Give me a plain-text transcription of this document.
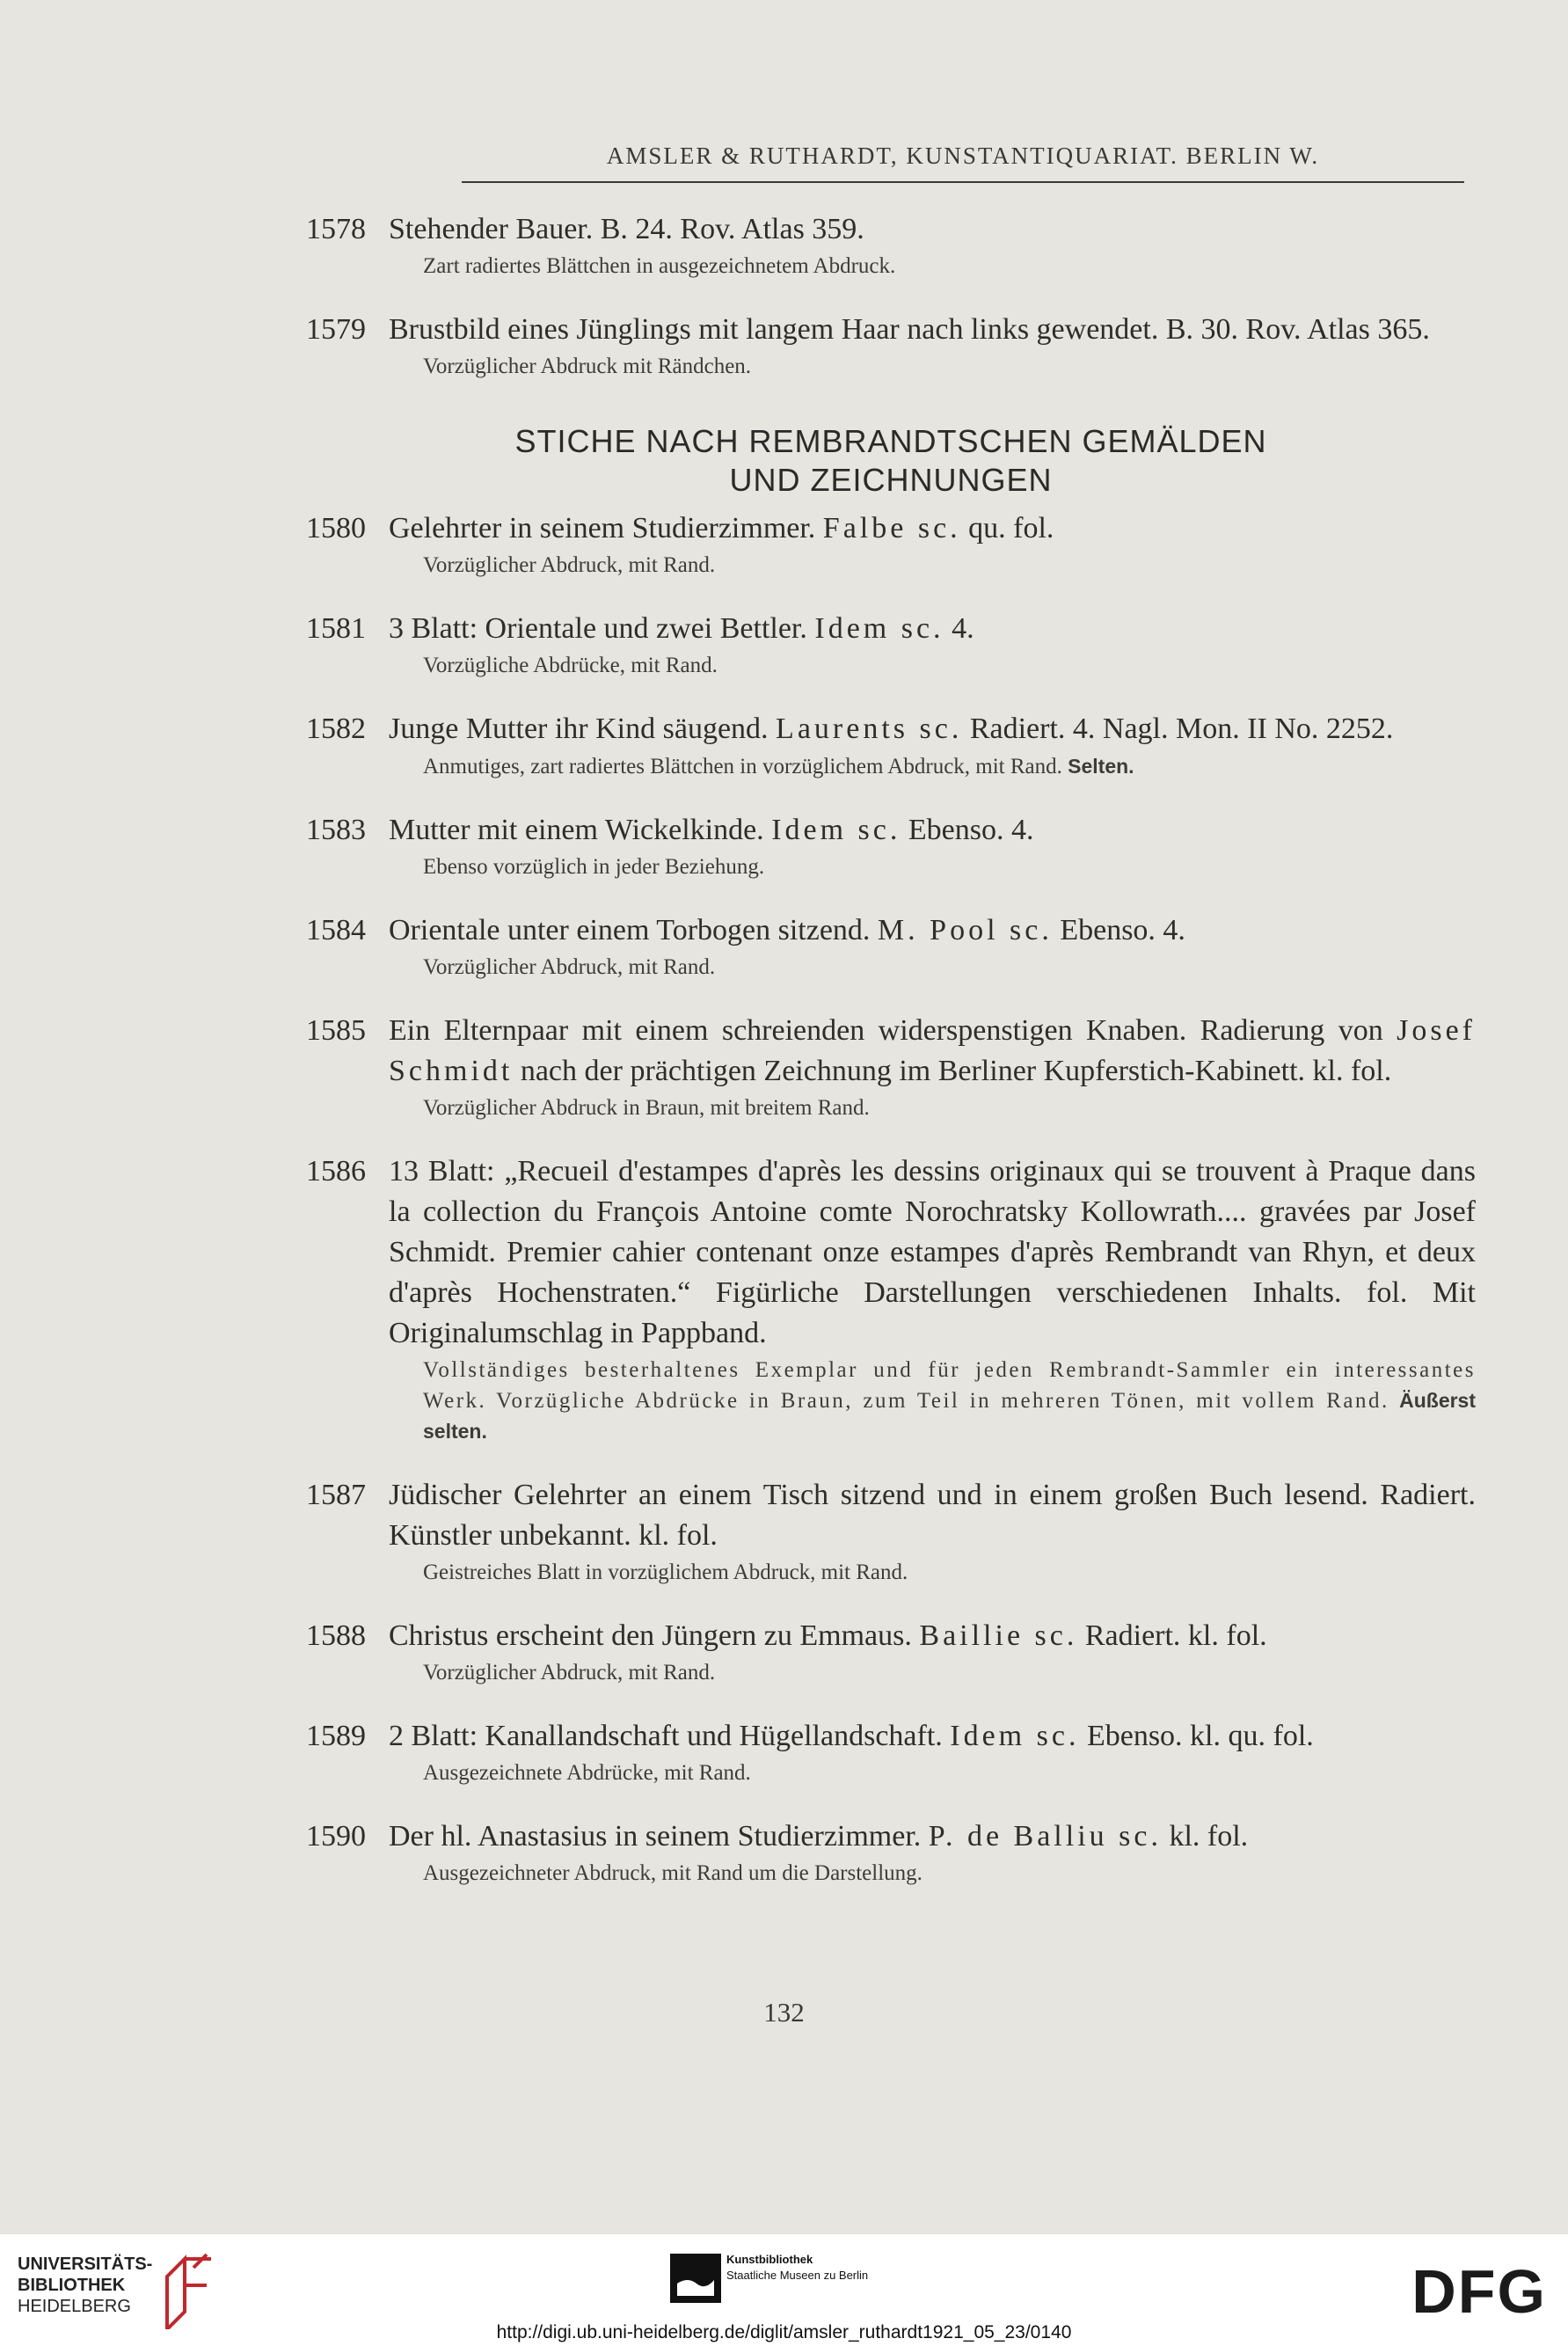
AMSLER & RUTHARDT, KUNSTANTIQUARIAT. BERLIN W.
1578 Stehender Bauer. B. 24. Rov. Atlas 359.
Zart radiertes Blättchen in ausgezeichnetem Abdruck.
1579 Brustbild eines Jünglings mit langem Haar nach links gewendet. B. 30. Rov. Atlas 365.
Vorzüglicher Abdruck mit Rändchen.
STICHE NACH REMBRANDTSCHEN GEMÄLDEN
UND ZEICHNUNGEN
1580 Gelehrter in seinem Studierzimmer. Falbe sc. qu. fol.
Vorzüglicher Abdruck, mit Rand.
1581 3 Blatt: Orientale und zwei Bettler. Idem sc. 4.
Vorzügliche Abdrücke, mit Rand.
1582 Junge Mutter ihr Kind säugend. Laurents sc. Radiert. 4. Nagl. Mon. II No. 2252.
Anmutiges, zart radiertes Blättchen in vorzüglichem Abdruck, mit Rand. Selten.
1583 Mutter mit einem Wickelkinde. Idem sc. Ebenso. 4.
Ebenso vorzüglich in jeder Beziehung.
1584 Orientale unter einem Torbogen sitzend. M. Pool sc. Ebenso. 4.
Vorzüglicher Abdruck, mit Rand.
1585 Ein Elternpaar mit einem schreienden widerspenstigen Knaben. Radierung von Josef Schmidt nach der prächtigen Zeichnung im Berliner Kupferstich-Kabinett. kl. fol.
Vorzüglicher Abdruck in Braun, mit breitem Rand.
1586 13 Blatt: „Recueil d'estampes d'après les dessins originaux qui se trouvent à Praque dans la collection du François Antoine comte Norochratsky Kollowrath.... gravées par Josef Schmidt. Premier cahier contenant onze estampes d'après Rembrandt van Rhyn, et deux d'après Hochenstraten.“ Figürliche Darstellungen verschiedenen Inhalts. fol. Mit Originalumschlag in Pappband.
Vollständiges besterhaltenes Exemplar und für jeden Rembrandt-Sammler ein interessantes Werk. Vorzügliche Abdrücke in Braun, zum Teil in mehreren Tönen, mit vollem Rand. Äußerst selten.
1587 Jüdischer Gelehrter an einem Tisch sitzend und in einem großen Buch lesend. Radiert. Künstler unbekannt. kl. fol.
Geistreiches Blatt in vorzüglichem Abdruck, mit Rand.
1588 Christus erscheint den Jüngern zu Emmaus. Baillie sc. Radiert. kl. fol.
Vorzüglicher Abdruck, mit Rand.
1589 2 Blatt: Kanallandschaft und Hügellandschaft. Idem sc. Ebenso. kl. qu. fol.
Ausgezeichnete Abdrücke, mit Rand.
1590 Der hl. Anastasius in seinem Studierzimmer. P. de Balliu sc. kl. fol.
Ausgezeichneter Abdruck, mit Rand um die Darstellung.
132
UNIVERSITÄTS-
BIBLIOTHEK
HEIDELBERG
Kunstbibliothek
Staatliche Museen zu Berlin	DFG
http://digi.ub.uni-heidelberg.de/diglit/amsler_ruthardt1921_05_23/0140
